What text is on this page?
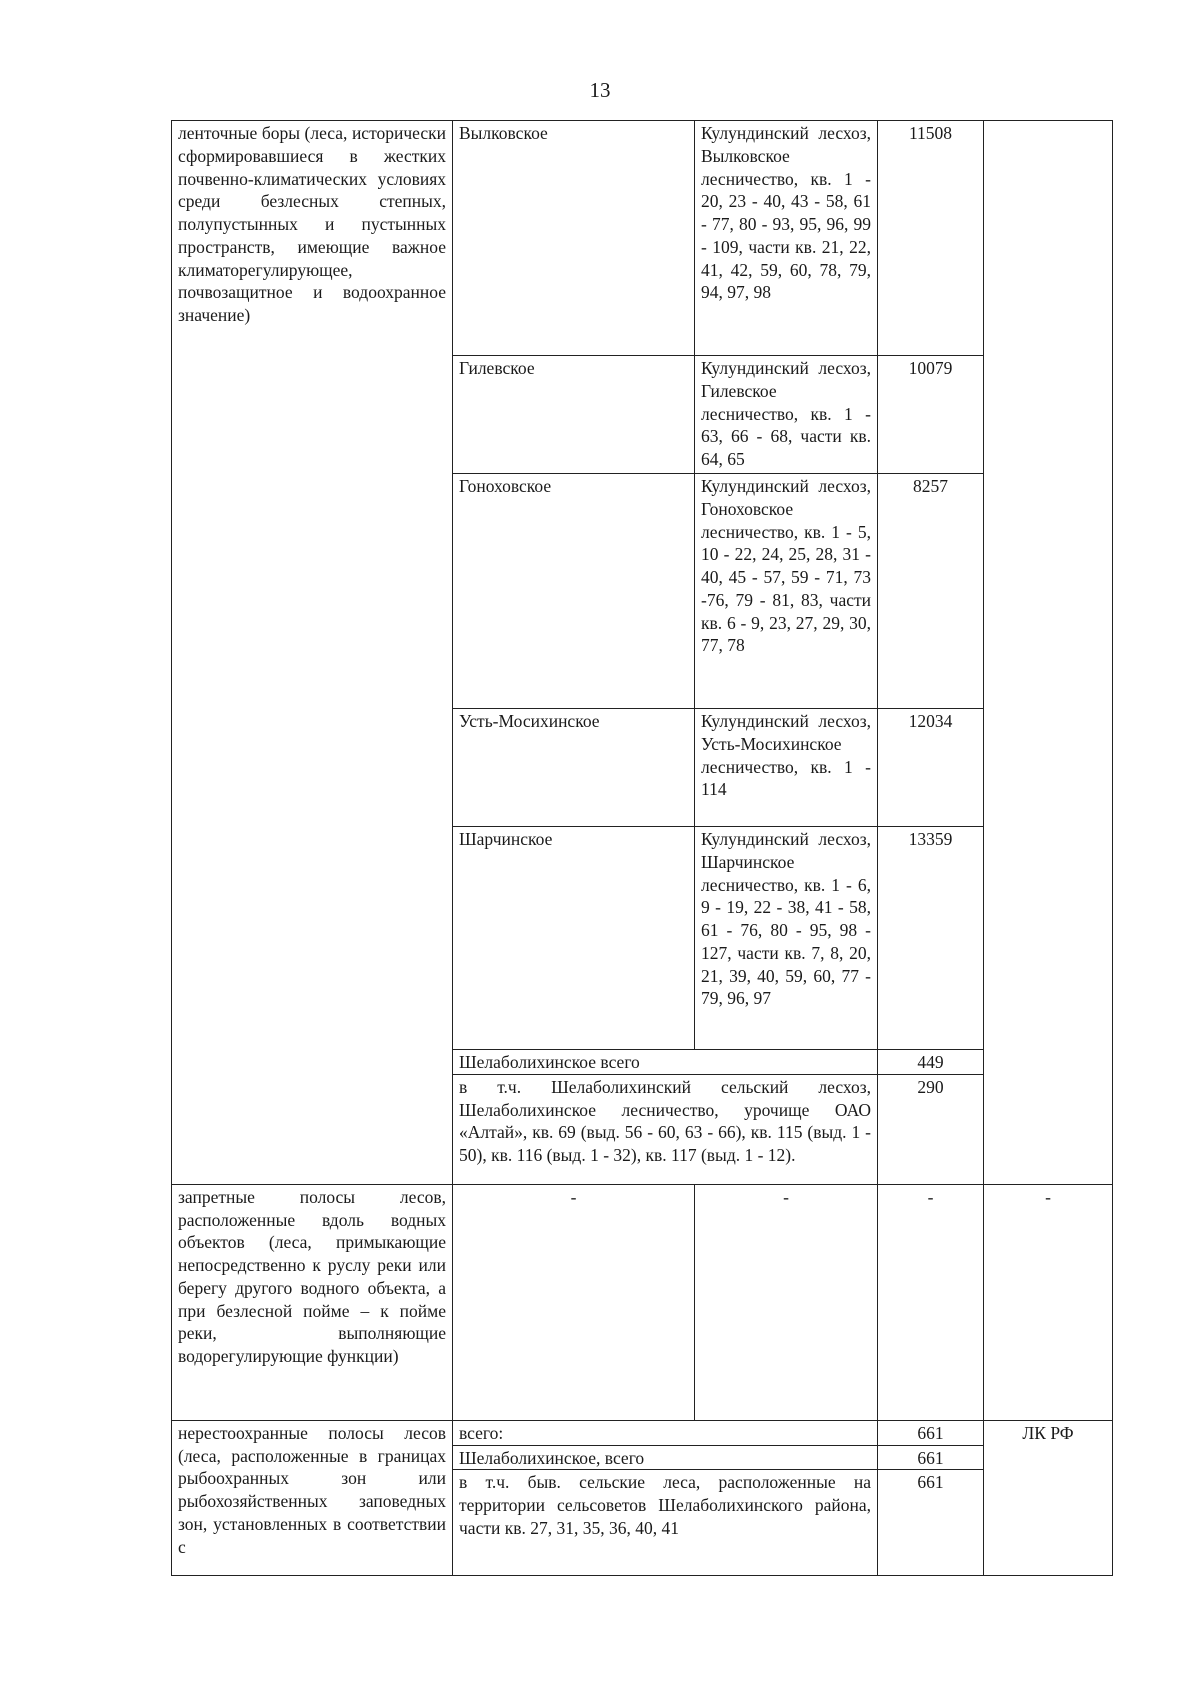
13
ленточные боры (леса, исторически сформировавшиеся в жестких почвенно-климатических условиях среди безлесных степных, полупустынных и пустынных пространств, имеющие важное климаторегулирующее, почвозащитное и водоохранное значение)	Вылковское	Кулундинский лесхоз, Вылковское лесничество, кв. 1 - 20, 23 - 40, 43 - 58, 61 - 77, 80 - 93, 95, 96, 99 - 109, части кв. 21, 22, 41, 42, 59, 60, 78, 79, 94, 97, 98	11508	
	Гилевское	Кулундинский лесхоз, Гилевское лесничество, кв. 1 - 63, 66 - 68, части кв. 64, 65	10079	
	Гоноховское	Кулундинский лесхоз, Гоноховское лесничество, кв. 1 - 5, 10 - 22, 24, 25, 28, 31 - 40, 45 - 57, 59 - 71, 73 -76, 79 - 81, 83, части кв. 6 - 9, 23, 27, 29, 30, 77, 78	8257	
	Усть-Мосихинское	Кулундинский лесхоз, Усть-Мосихинское лесничество, кв. 1 - 114	12034	
	Шарчинское	Кулундинский лесхоз, Шарчинское лесничество, кв. 1 - 6, 9 - 19, 22 - 38, 41 - 58, 61 - 76, 80 - 95, 98 - 127, части кв. 7, 8, 20, 21, 39, 40, 59, 60, 77 - 79, 96, 97	13359	
	Шелаболихинское всего		449	
	в т.ч. Шелаболихинский сельский лесхоз, Шелаболихинское лесничество, урочище ОАО «Алтай», кв. 69 (выд. 56 - 60, 63 - 66), кв. 115 (выд. 1 - 50), кв. 116 (выд. 1 - 32), кв. 117 (выд. 1 - 12).		290	
запретные полосы лесов, расположенные вдоль водных объектов (леса, примыкающие непосредственно к руслу реки или берегу другого водного объекта, а при безлесной пойме – к пойме реки, выполняющие водорегулирующие функции)	-	-	-	-
нерестоохранные полосы лесов (леса, расположенные в границах рыбоохранных зон или рыбохозяйственных заповедных зон, установленных в соответствии с	всего:		661	ЛК РФ
	Шелаболихинское, всего		661	
	в т.ч. быв. сельские леса, расположенные на территории сельсоветов Шелаболихинского района, части кв. 27, 31, 35, 36, 40, 41		661	
